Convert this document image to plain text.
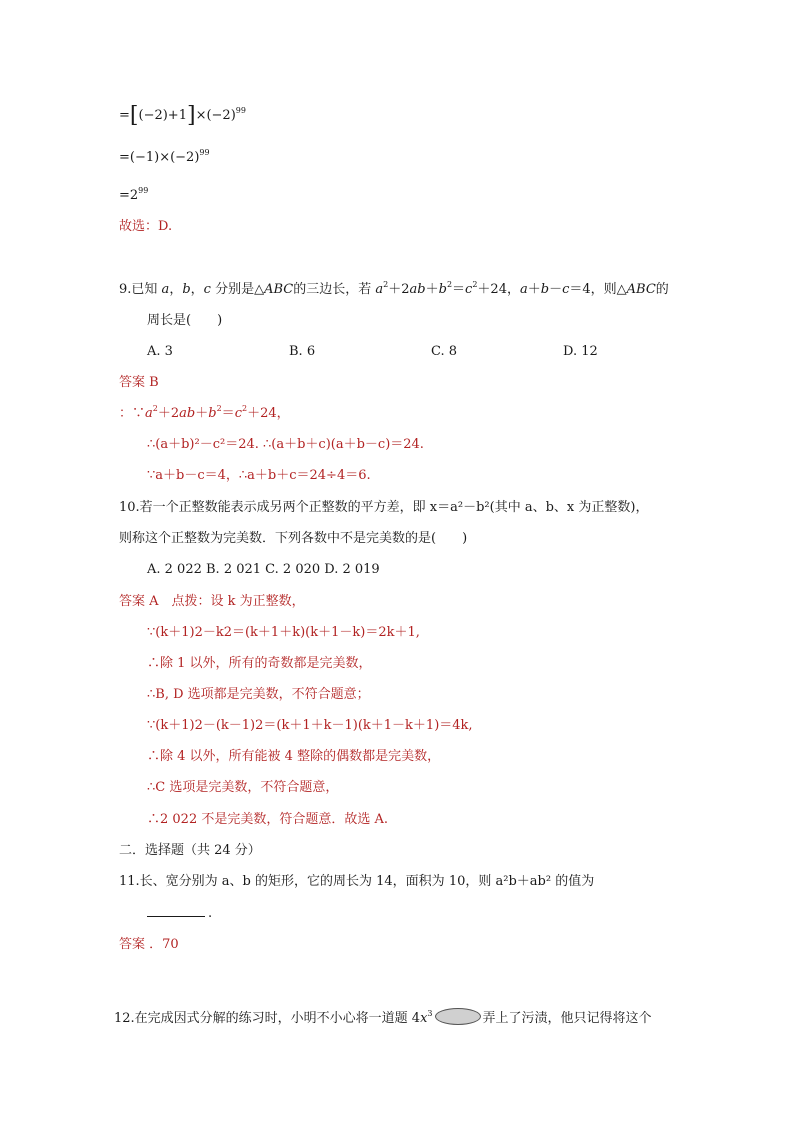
$=[(-2)+1]\times(-2)^{99}$
$=(-1)\times(-2)^{99}$
$=2^{99}$
故选：D.
9.已知 a，b，c 分别是△ABC的三边长，若 $a^2+2ab+b^2=c^2+24$，a＋b－c＝4，则△ABC的
周长是(　　)
A. 3	B. 6	C. 8	D. 12
答案 B
：$\because a^2+2ab+b^2=c^2+24$，
∴(a＋b)²－c²＝24. ∴(a＋b＋c)(a＋b－c)＝24.
∵a＋b－c＝4，∴a＋b＋c＝24÷4＝6.
10.若一个正整数能表示成另两个正整数的平方差，即 x＝a²－b²(其中 a、b、x 为正整数)，
则称这个正整数为完美数．下列各数中不是完美数的是(　　)
A. 2 022 B. 2 021 C. 2 020 D. 2 019
答案 A　点拨：设 k 为正整数，
∵(k＋1)2－k2＝(k＋1＋k)(k＋1－k)＝2k＋1,
∴除 1 以外，所有的奇数都是完美数，
∴B, D 选项都是完美数，不符合题意；
∵(k＋1)2－(k－1)2＝(k＋1＋k－1)(k＋1－k＋1)＝4k,
∴除 4 以外，所有能被 4 整除的偶数都是完美数，
∴C 选项是完美数，不符合题意，
∴2 022 不是完美数，符合题意．故选 A.
二．选择题（共 24 分）
11.长、宽分别为 a、b 的矩形，它的周长为 14，面积为 10，则 a²b＋ab² 的值为
.
答案 ．70
12.在完成因式分解的练习时，小明不小心将一道题 $4x^3$	弄上了污渍，他只记得将这个
